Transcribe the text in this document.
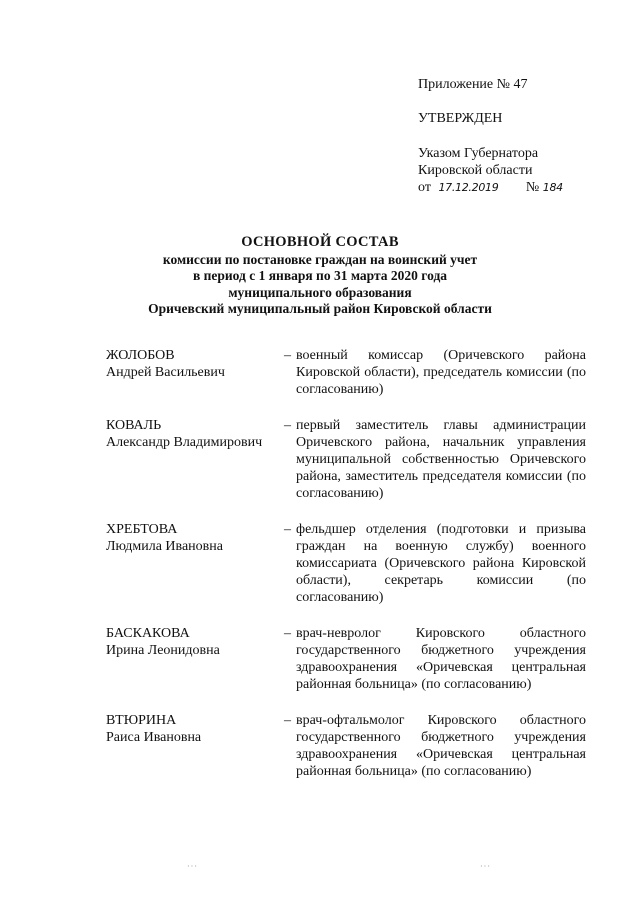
Приложение № 47
УТВЕРЖДЕН
Указом Губернатора
Кировской области
от 17.12.2019 № 184
ОСНОВНОЙ СОСТАВ
комиссии по постановке граждан на воинский учет
в период с 1 января по 31 марта 2020 года
муниципального образования
Оричевский муниципальный район Кировской области
ЖОЛОБОВ
Андрей Васильевич
– военный комиссар (Оричевского района Кировской области), председатель комиссии (по согласованию)
КОВАЛЬ
Александр Владимирович
– первый заместитель главы администрации Оричевского района, начальник управления муниципальной собственностью Оричевского района, заместитель председателя комиссии (по согласованию)
ХРЕБТОВА
Людмила Ивановна
– фельдшер отделения (подготовки и призыва граждан на военную службу) военного комиссариата (Оричевского района Кировской области), секретарь комиссии (по согласованию)
БАСКАКОВА
Ирина Леонидовна
– врач-невролог Кировского областного государственного бюджетного учреждения здравоохранения «Оричевская центральная районная больница» (по согласованию)
ВТЮРИНА
Раиса Ивановна
– врач-офтальмолог Кировского областного государственного бюджетного учреждения здравоохранения «Оричевская центральная районная больница» (по согласованию)
···	···
